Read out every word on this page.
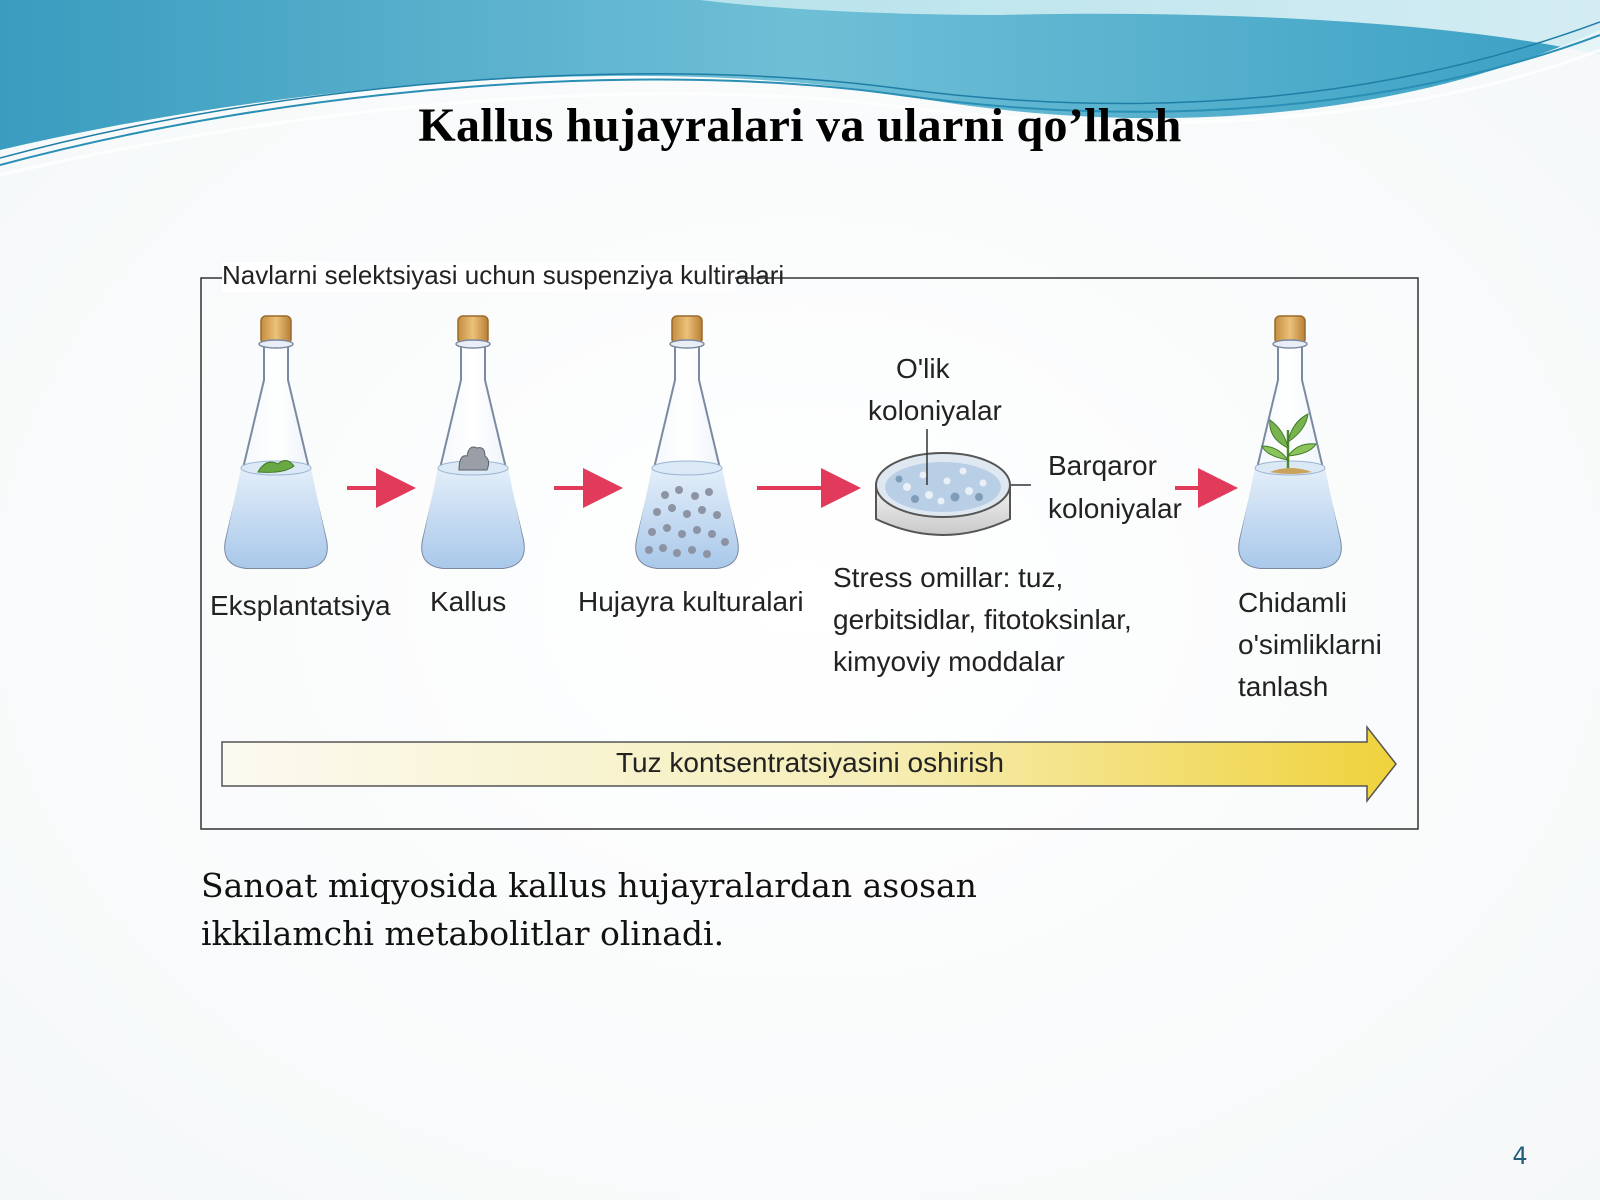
Kallus hujayralari va ularni qo’llash
Navlarni selektsiyasi uchun suspenziya kultiralari
Eksplantatsiya Kallus	Hujayra kulturalari
O'lik
koloniyalar
Barqaror
koloniyalar
Stress omillar: tuz,
gerbitsidlar, fitotoksinlar,
kimyoviy moddalar
Chidamli
o'simliklarni
tanlash
Tuz kontsentratsiyasini oshirish
Sanoat miqyosida kallus hujayralardan asosan
ikkilamchi metabolitlar olinadi.
4
